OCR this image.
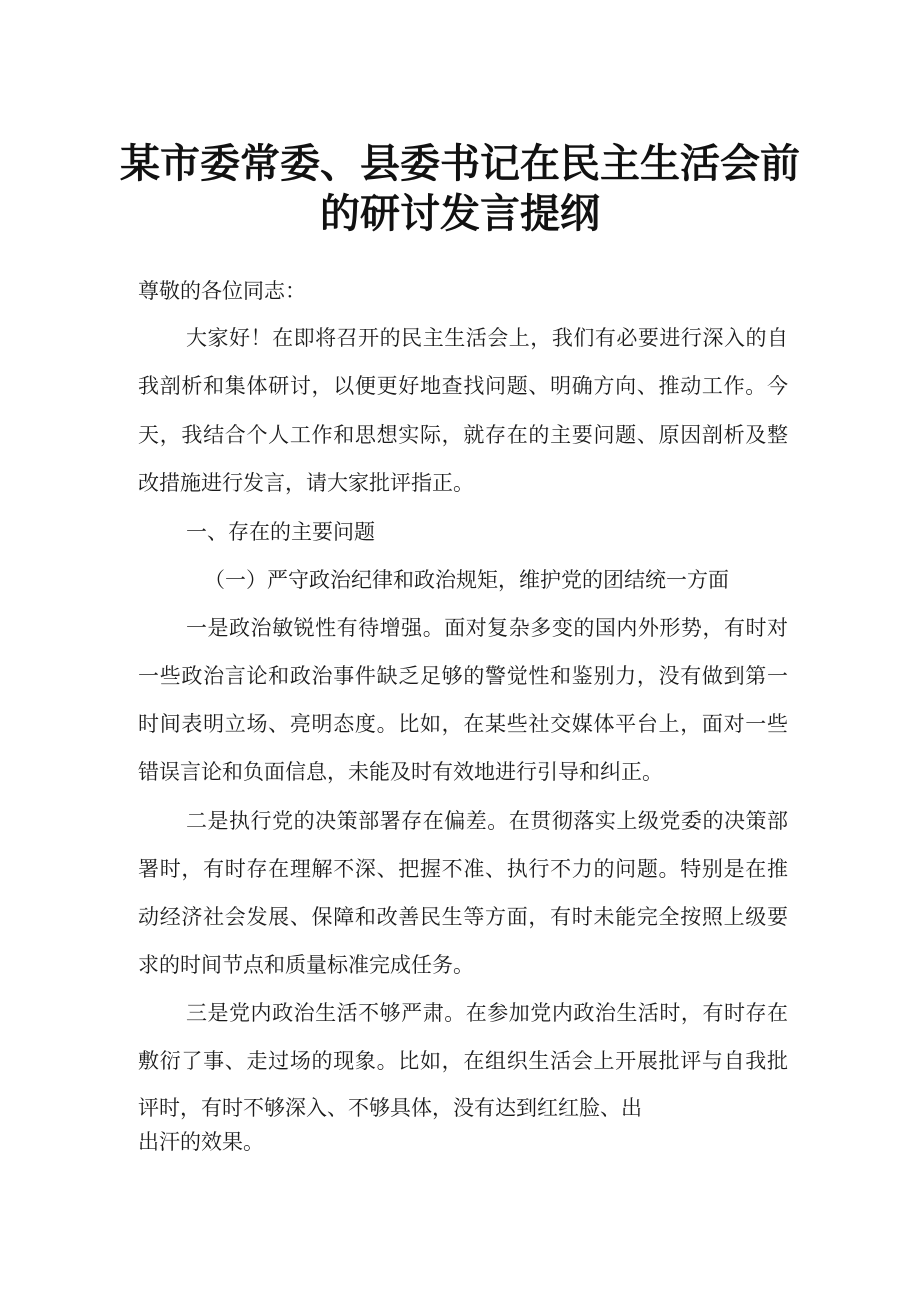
某市委常委、县委书记在民主生活会前
的研讨发言提纲
尊敬的各位同志：
大家好！在即将召开的民主生活会上，我们有必要进行深入的自
我剖析和集体研讨，以便更好地查找问题、明确方向、推动工作。今
天，我结合个人工作和思想实际，就存在的主要问题、原因剖析及整
改措施进行发言，请大家批评指正。
一、存在的主要问题
（一）严守政治纪律和政治规矩，维护党的团结统一方面
一是政治敏锐性有待增强。面对复杂多变的国内外形势，有时对
一些政治言论和政治事件缺乏足够的警觉性和鉴别力，没有做到第一
时间表明立场、亮明态度。比如，在某些社交媒体平台上，面对一些
错误言论和负面信息，未能及时有效地进行引导和纠正。
二是执行党的决策部署存在偏差。在贯彻落实上级党委的决策部
署时，有时存在理解不深、把握不准、执行不力的问题。特别是在推
动经济社会发展、保障和改善民生等方面，有时未能完全按照上级要
求的时间节点和质量标准完成任务。
三是党内政治生活不够严肃。在参加党内政治生活时，有时存在
敷衍了事、走过场的现象。比如，在组织生活会上开展批评与自我批
评时，有时不够深入、不够具体，没有达到红红脸、出
出汗的效果。
